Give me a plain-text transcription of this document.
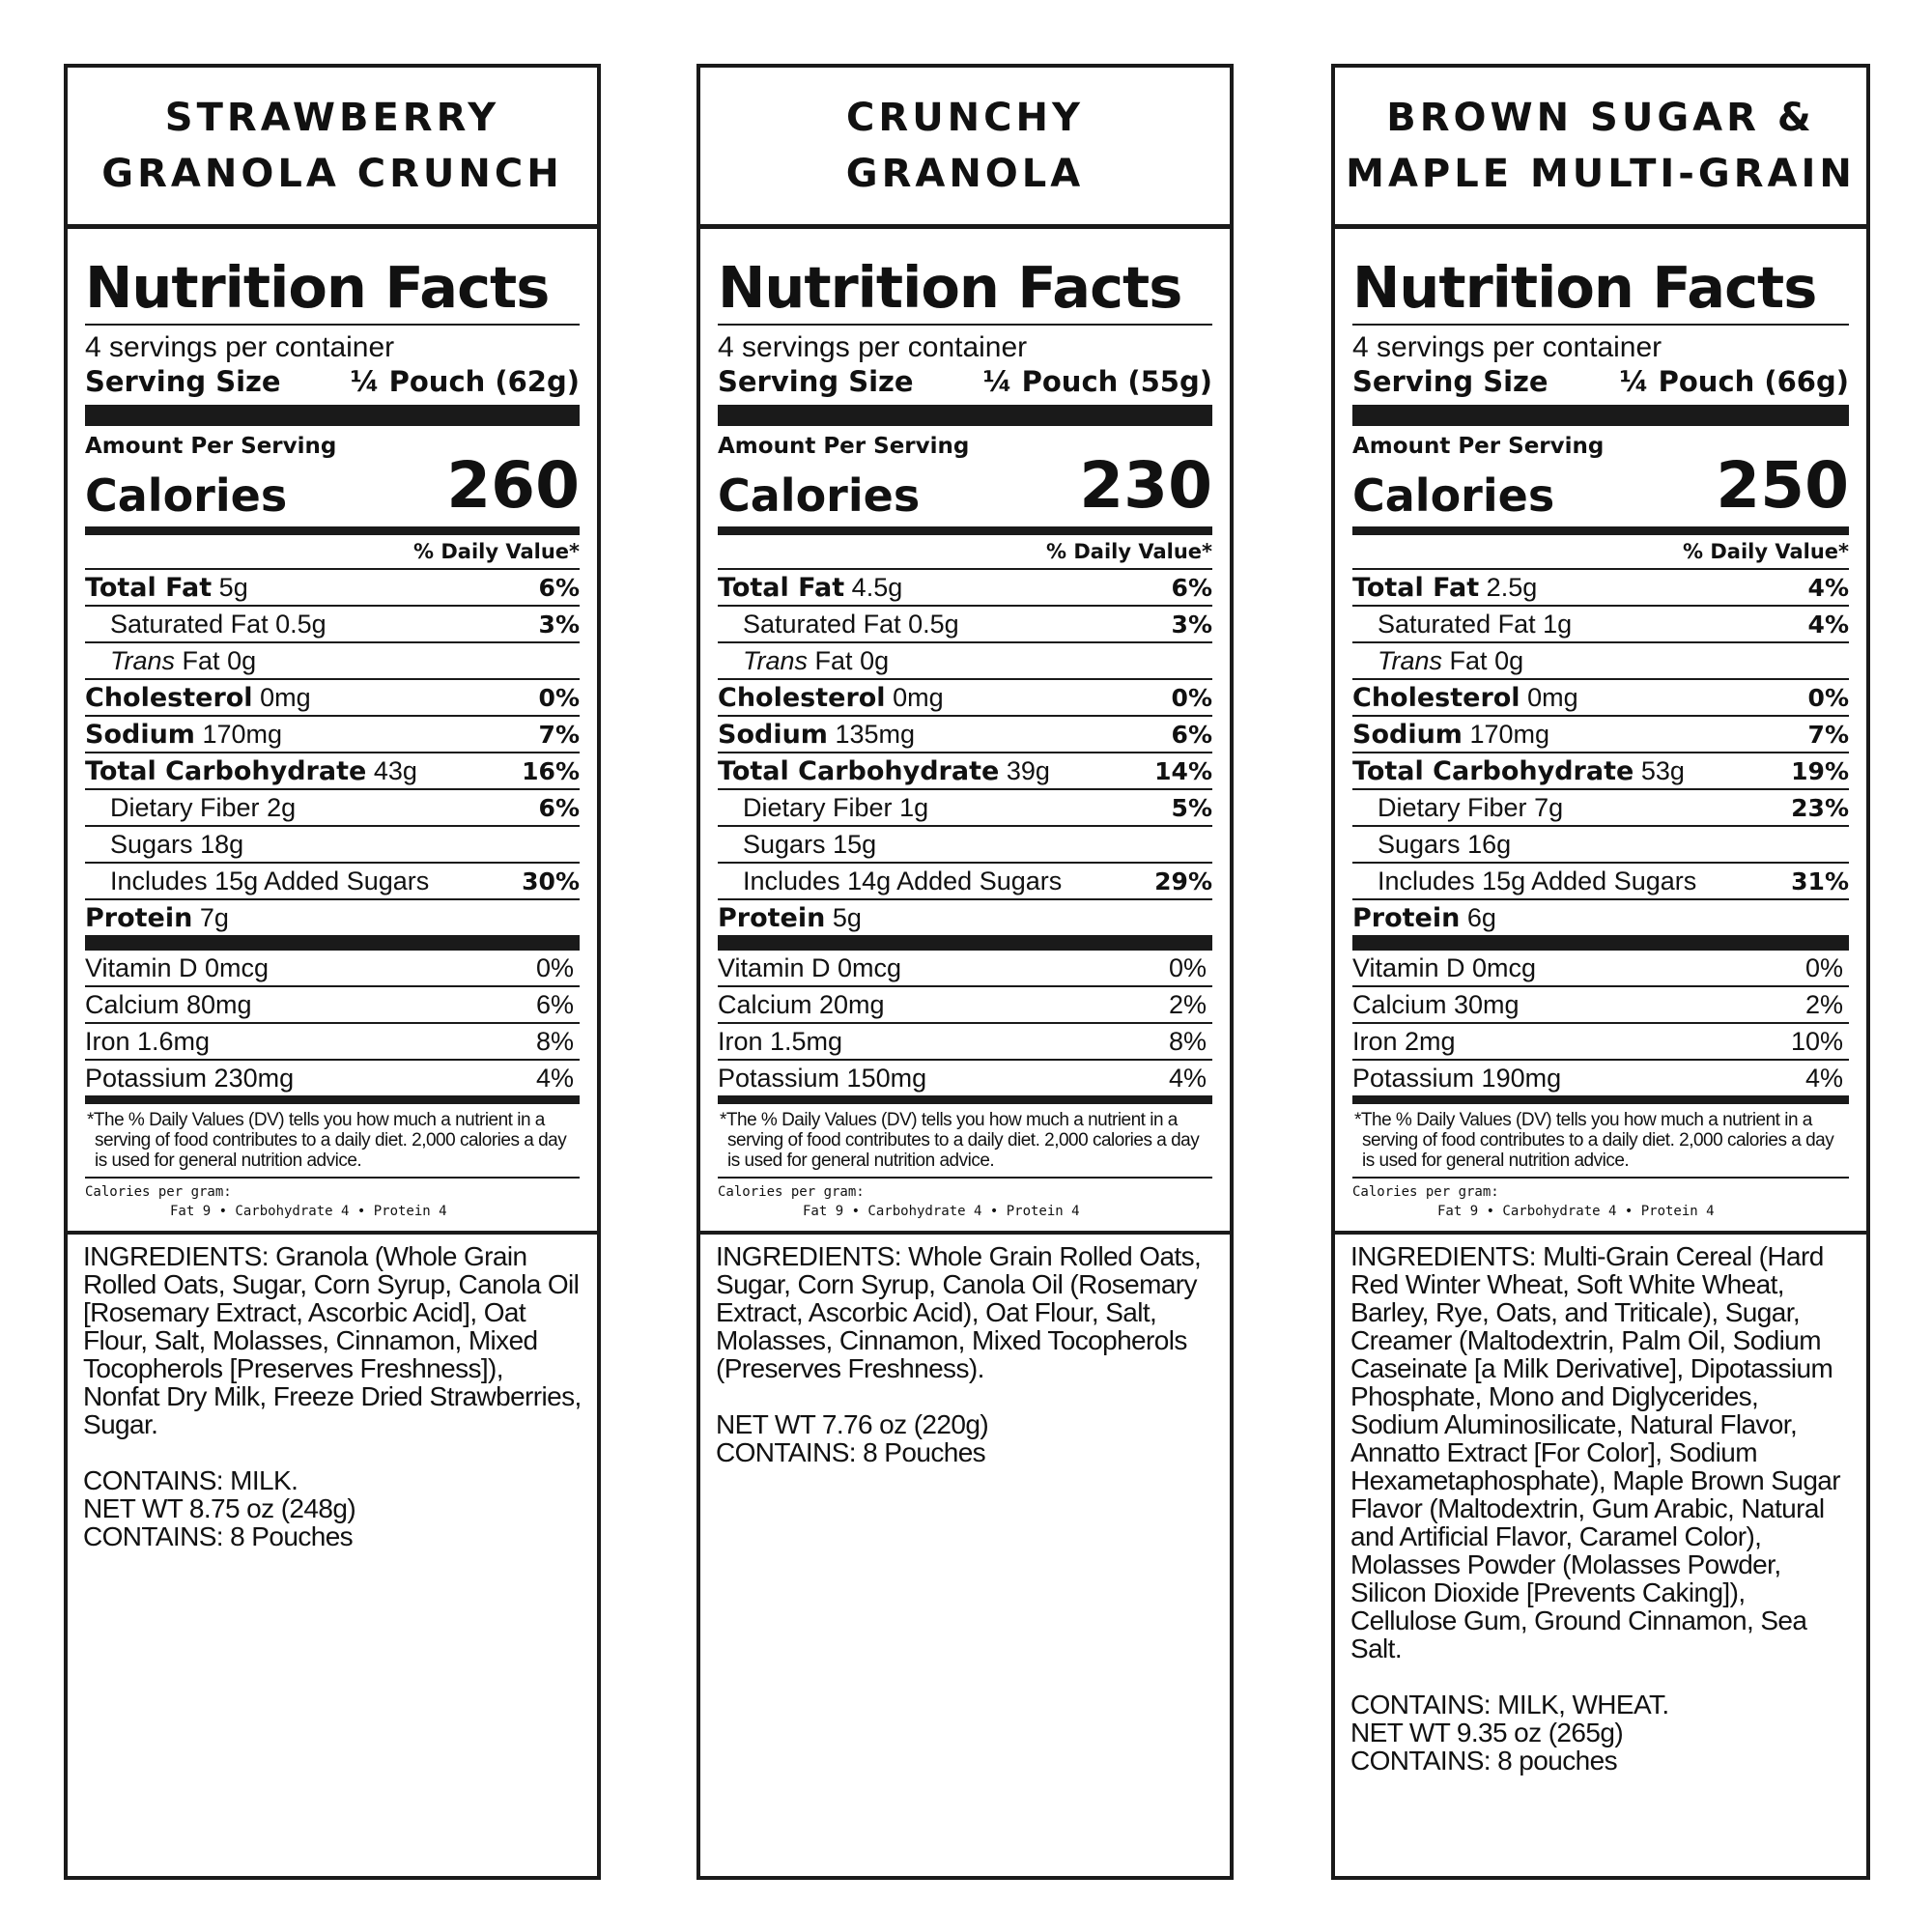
STRAWBERRY
GRANOLA CRUNCH
Nutrition Facts
4 servings per container
Serving Size ¼ Pouch (62g)
Amount Per Serving
Calories	260
% Daily Value*
Total Fat 5g	6%
Saturated Fat 0.5g	3%
Trans Fat 0g
Cholesterol 0mg	0%
Sodium 170mg	7%
Total Carbohydrate 43g	16%
Dietary Fiber 2g	6%
Sugars 18g
Includes 15g Added Sugars	30%
Protein 7g
Vitamin D 0mcg	0%
Calcium 80mg	6%
Iron 1.6mg	8%
Potassium 230mg	4%

*The % Daily Values (DV) tells you how much a nutrient in a serving of food contributes to a daily diet. 2,000 calories a day is used for general nutrition advice.

Calories per gram:
Fat 9 • Carbohydrate 4 • Protein 4

INGREDIENTS: Granola (Whole Grain Rolled Oats, Sugar, Corn Syrup, Canola Oil [Rosemary Extract, Ascorbic Acid], Oat Flour, Salt, Molasses, Cinnamon, Mixed Tocopherols [Preserves Freshness]), Nonfat Dry Milk, Freeze Dried Strawberries, Sugar.

CONTAINS: MILK.

NET WT 8.75 oz (248g)

CONTAINS: 8 Pouches

CRUNCHY
GRANOLA
Nutrition Facts
4 servings per container
Serving Size ¼ Pouch (55g)
Amount Per Serving
Calories	230
% Daily Value*
Total Fat 4.5g	6%
Saturated Fat 0.5g	3%
Trans Fat 0g
Cholesterol 0mg	0%
Sodium 135mg	6%
Total Carbohydrate 39g	14%
Dietary Fiber 1g	5%
Sugars 15g
Includes 14g Added Sugars	29%
Protein 5g
Vitamin D 0mcg	0%
Calcium 20mg	2%
Iron 1.5mg	8%
Potassium 150mg	4%

*The % Daily Values (DV) tells you how much a nutrient in a serving of food contributes to a daily diet. 2,000 calories a day is used for general nutrition advice.

Calories per gram:
Fat 9 • Carbohydrate 4 • Protein 4

INGREDIENTS: Whole Grain Rolled Oats, Sugar, Corn Syrup, Canola Oil (Rosemary Extract, Ascorbic Acid), Oat Flour, Salt, Molasses, Cinnamon, Mixed Tocopherols (Preserves Freshness).

NET WT 7.76 oz (220g)

CONTAINS: 8 Pouches

BROWN SUGAR &
MAPLE MULTI-GRAIN
Nutrition Facts
4 servings per container
Serving Size	¼ Pouch (66g)
Amount Per Serving
Calories	250
% Daily Value*
Total Fat 2.5g	4%
Saturated Fat 1g	4%
Trans Fat 0g
Cholesterol 0mg	0%
Sodium 170mg	7%
Total Carbohydrate 53g	19%
Dietary Fiber 7g	23%
Sugars 16g
Includes 15g Added Sugars	31%
Protein 6g
Vitamin D 0mcg	0%
Calcium 30mg	2%
Iron 2mg	10%
Potassium 190mg	4%

*The % Daily Values (DV) tells you how much a nutrient in a serving of food contributes to a daily diet. 2,000 calories a day is used for general nutrition advice.

Calories per gram:
Fat 9 • Carbohydrate 4 • Protein 4

INGREDIENTS: Multi-Grain Cereal (Hard Red Winter Wheat, Soft White Wheat, Barley, Rye, Oats, and Triticale), Sugar, Creamer (Maltodextrin, Palm Oil, Sodium Caseinate [a Milk Derivative], Dipotassium Phosphate, Mono and Diglycerides, Sodium Aluminosilicate, Natural Flavor, Annatto Extract [For Color], Sodium Hexametaphosphate), Maple Brown Sugar Flavor (Maltodextrin, Gum Arabic, Natural and Artificial Flavor, Caramel Color), Molasses Powder (Molasses Powder, Silicon Dioxide [Prevents Caking]), Cellulose Gum, Ground Cinnamon, Sea Salt.

CONTAINS: MILK, WHEAT.

NET WT 9.35 oz (265g)

CONTAINS: 8 pouches
